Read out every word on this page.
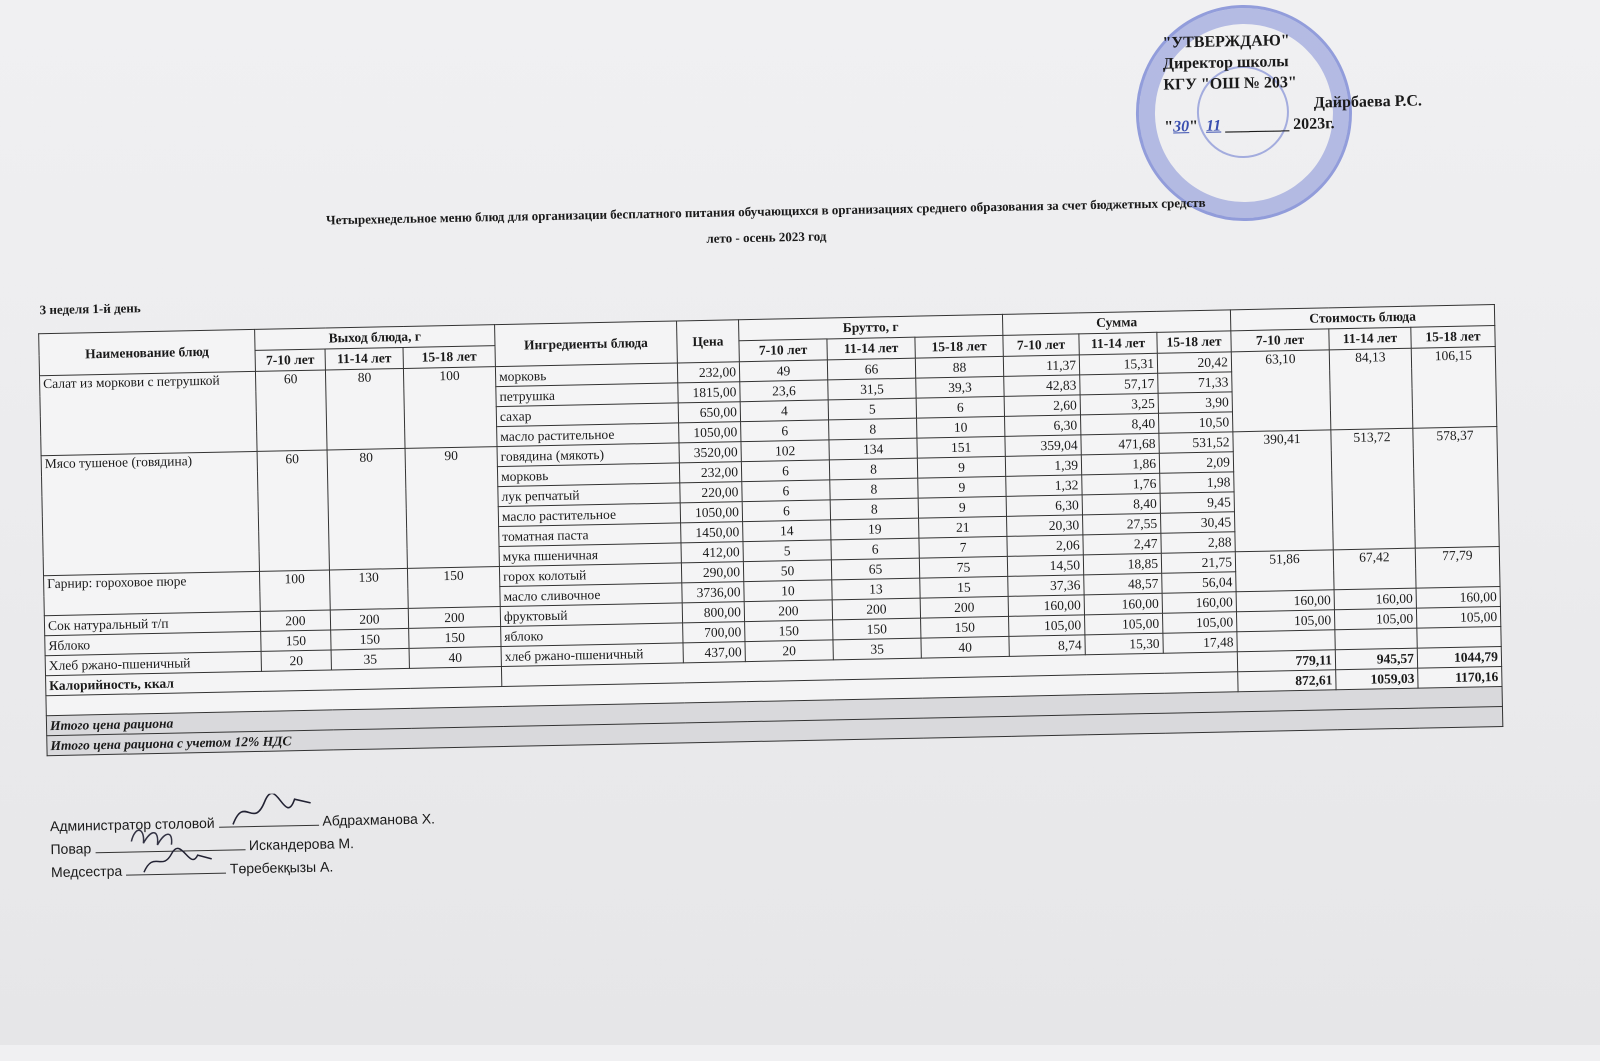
"УТВЕРЖДАЮ"
Директор школы
КГУ "ОШ № 203"
Дайрбаева Р.С.
"30"  11 ________ 2023г.
Четырехнедельное меню блюд для организации бесплатного питания обучающихся в организациях среднего образования за счет бюджетных средств
лето - осень 2023 год
3 неделя 1-й день
Наименование блюд	Выход блюда, г			Ингредиенты блюда	Цена	Брутто, г			Сумма			Стоимость блюда		
	7-10 лет	11-14 лет	15-18 лет			7-10 лет	11-14 лет	15-18 лет	7-10 лет	11-14 лет	15-18 лет	7-10 лет	11-14 лет	15-18 лет
Салат из моркови с петрушкой	60	80	100	морковь	232,00	49	66	88	11,37	15,31	20,42	63,10	84,13	106,15
				петрушка	1815,00	23,6	31,5	39,3	42,83	57,17	71,33			
				сахар	650,00	4	5	6	2,60	3,25	3,90			
				масло растительное	1050,00	6	8	10	6,30	8,40	10,50			
Мясо тушеное (говядина)	60	80	90	говядина (мякоть)	3520,00	102	134	151	359,04	471,68	531,52	390,41	513,72	578,37
				морковь	232,00	6	8	9	1,39	1,86	2,09			
				лук репчатый	220,00	6	8	9	1,32	1,76	1,98			
				масло растительное	1050,00	6	8	9	6,30	8,40	9,45			
				томатная паста	1450,00	14	19	21	20,30	27,55	30,45			
				мука пшеничная	412,00	5	6	7	2,06	2,47	2,88			
Гарнир: гороховое пюре	100	130	150	горох колотый	290,00	50	65	75	14,50	18,85	21,75	51,86	67,42	77,79
				масло сливочное	3736,00	10	13	15	37,36	48,57	56,04			
Сок натуральный т/п	200	200	200	фруктовый	800,00	200	200	200	160,00	160,00	160,00	160,00	160,00	160,00
Яблоко	150	150	150	яблоко	700,00	150	150	150	105,00	105,00	105,00	105,00	105,00	105,00
Хлеб ржано-пшеничный	20	35	40	хлеб ржано-пшеничный	437,00	20	35	40	8,74	15,30	17,48			
Калорийность, ккал												779,11	945,57	1044,79
												872,61	1059,03	1170,16
Итого цена рациона														
Итого цена рациона с учетом 12% НДС														
Администратор столовой	Абдрахманова Х.
Повар	Искандерова М.
Медсестра	Төребекқызы А.
